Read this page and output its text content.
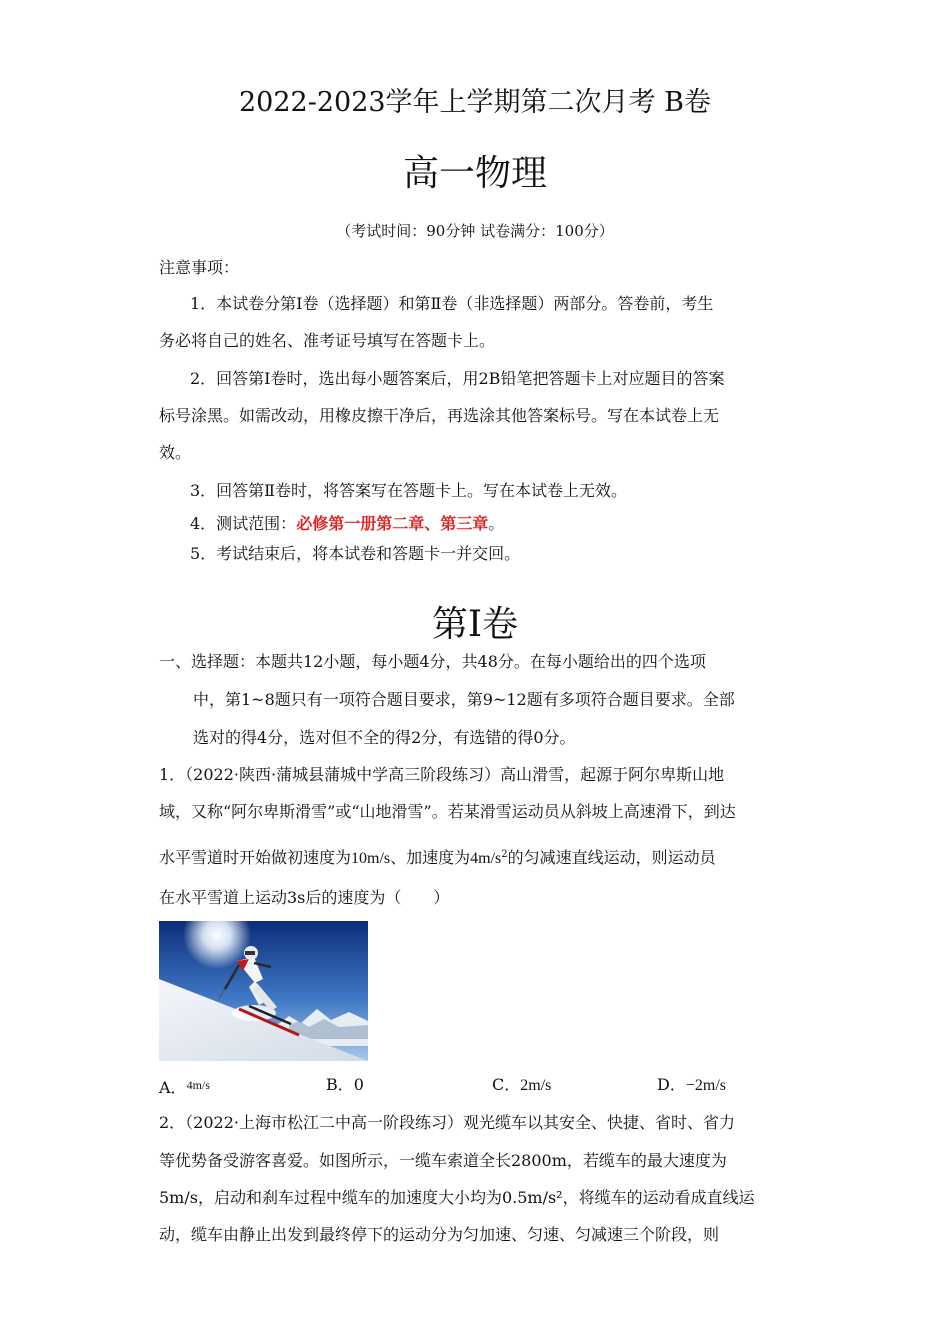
2022-2023学年上学期第二次月考 B卷
高一物理
（考试时间：90分钟 试卷满分：100分）
注意事项：
1．本试卷分第Ⅰ卷（选择题）和第Ⅱ卷（非选择题）两部分。答卷前，考生
务必将自己的姓名、准考证号填写在答题卡上。
2．回答第Ⅰ卷时，选出每小题答案后，用2B铅笔把答题卡上对应题目的答案
标号涂黑。如需改动，用橡皮擦干净后，再选涂其他答案标号。写在本试卷上无
效。
3．回答第Ⅱ卷时，将答案写在答题卡上。写在本试卷上无效。
4．测试范围：必修第一册第二章、第三章。
5．考试结束后，将本试卷和答题卡一并交回。
第Ⅰ卷
一、选择题：本题共12小题，每小题4分，共48分。在每小题给出的四个选项
中，第1~8题只有一项符合题目要求，第9~12题有多项符合题目要求。全部
选对的得4分，选对但不全的得2分，有选错的得0分。
1．（2022·陕西·蒲城县蒲城中学高三阶段练习）高山滑雪，起源于阿尔卑斯山地
域，又称“阿尔卑斯滑雪”或“山地滑雪”。若某滑雪运动员从斜坡上高速滑下，到达
水平雪道时开始做初速度为10m/s、加速度为$4m/s^2$的匀减速直线运动，则运动员
在水平雪道上运动3s后的速度为（　　）
A．$^{4m/s}$	B．0	C．2m/s	D．−2m/s
2．（2022·上海市松江二中高一阶段练习）观光缆车以其安全、快捷、省时、省力
等优势备受游客喜爱。如图所示，一缆车索道全长2800m，若缆车的最大速度为
5m/s，启动和刹车过程中缆车的加速度大小均为0.5m/s²，将缆车的运动看成直线运
动，缆车由静止出发到最终停下的运动分为匀加速、匀速、匀减速三个阶段，则
